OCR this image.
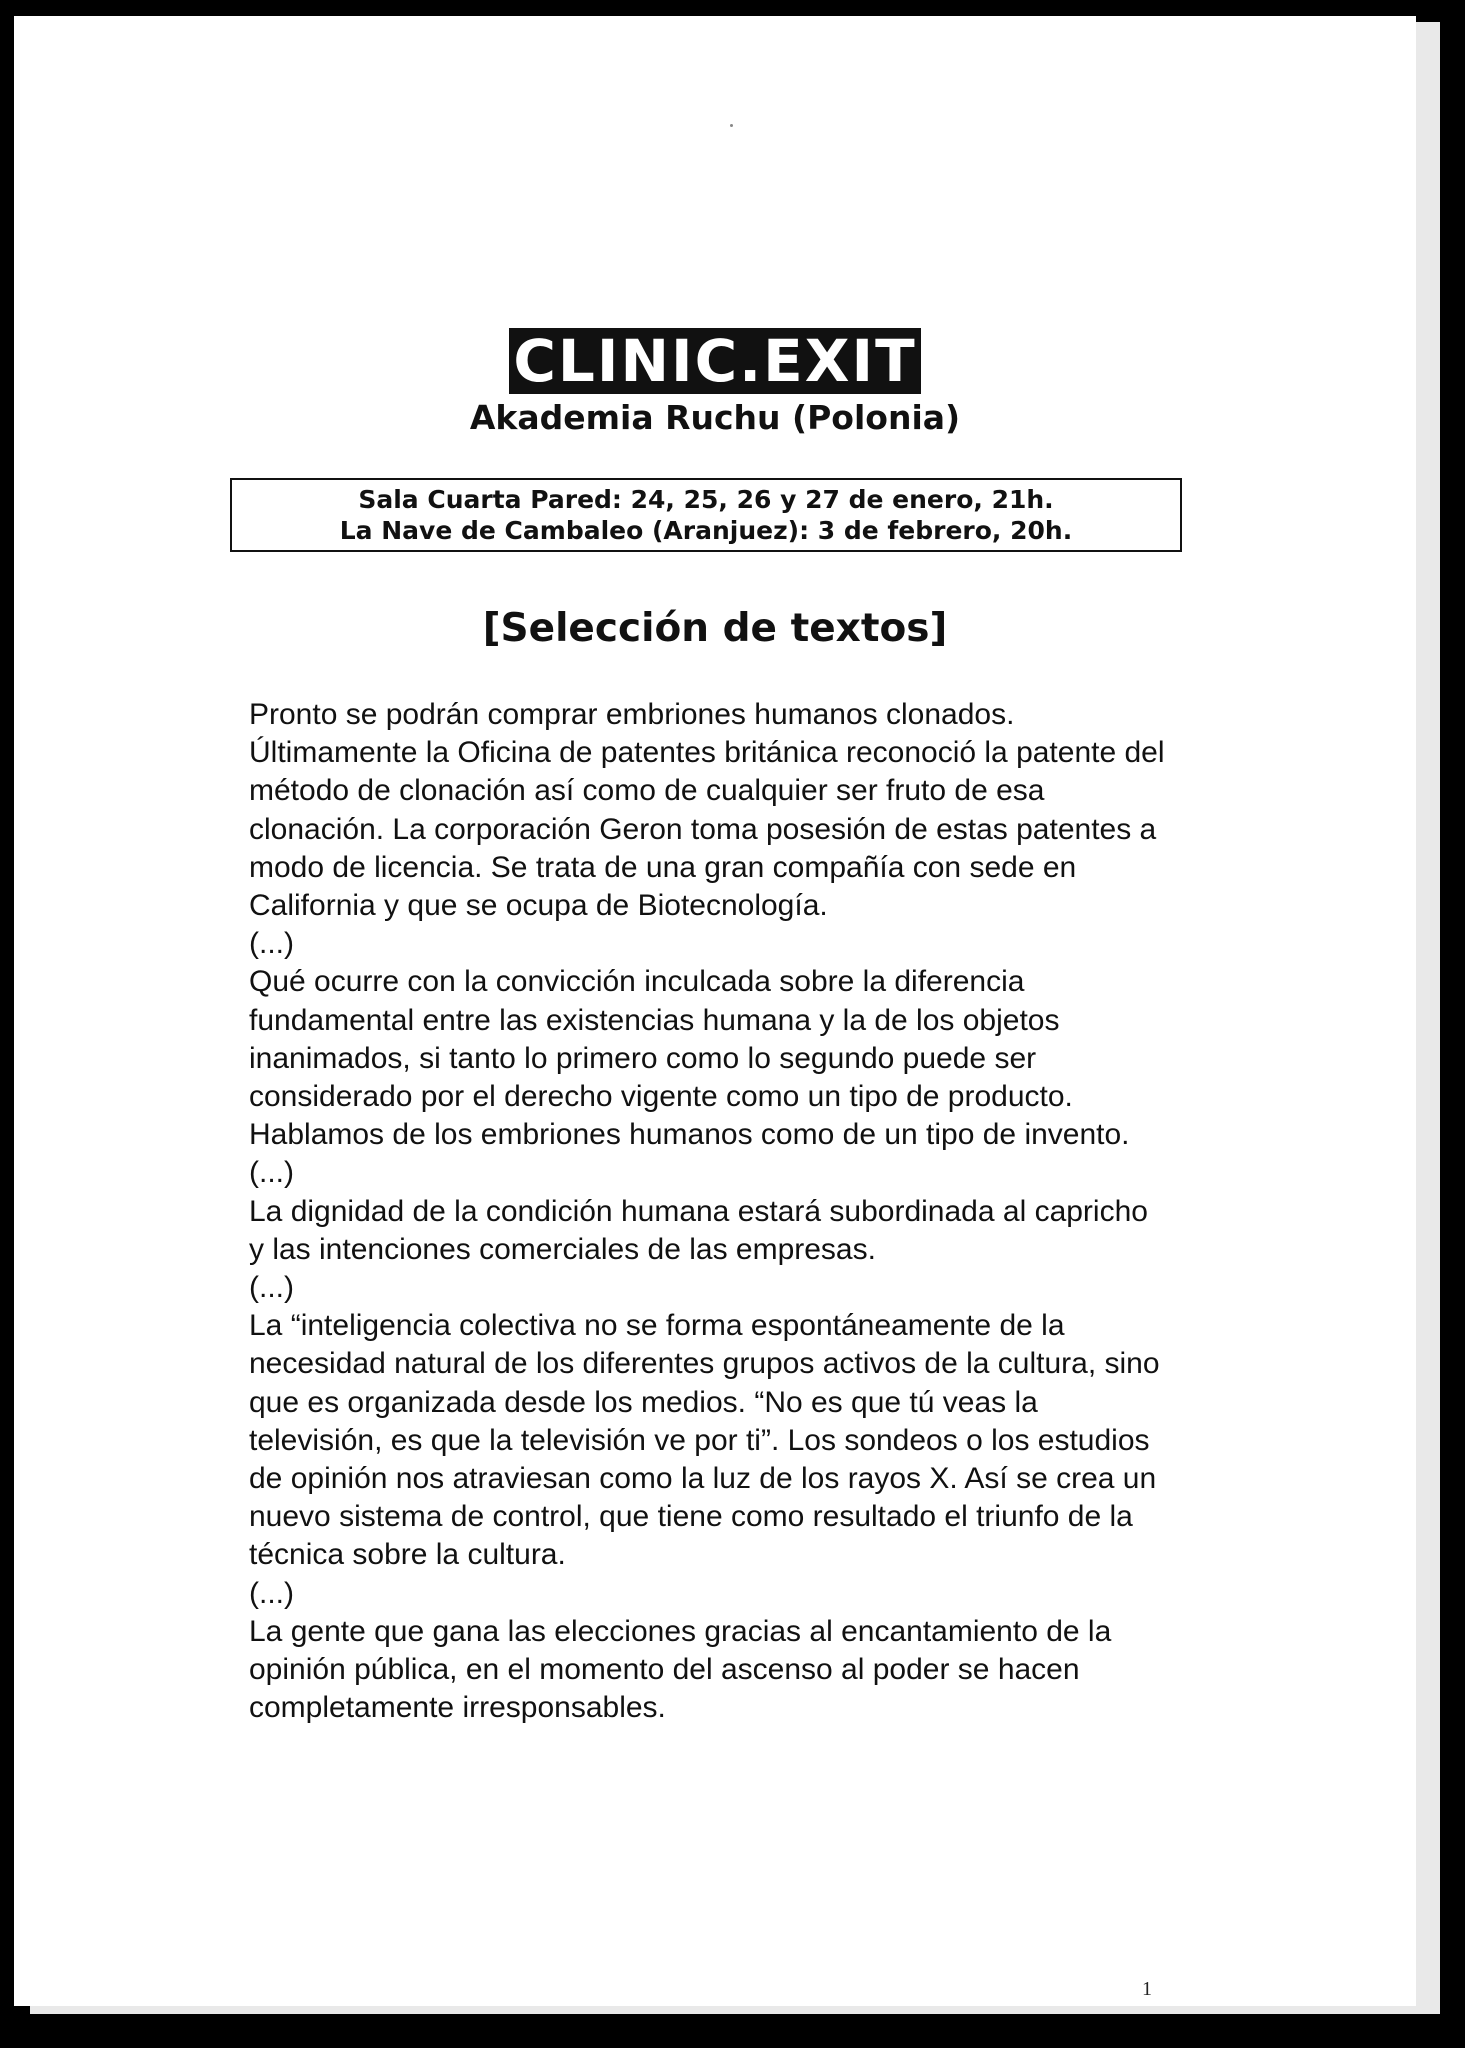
CLINIC.EXIT
Akademia Ruchu (Polonia)
Sala Cuarta Pared: 24, 25, 26 y 27 de enero, 21h.
La Nave de Cambaleo (Aranjuez): 3 de febrero, 20h.
[Selección de textos]

Pronto se podrán comprar embriones humanos clonados. Últimamente la Oficina de patentes británica reconoció la patente del método de clonación así como de cualquier ser fruto de esa clonación. La corporación Geron toma posesión de estas patentes a modo de licencia. Se trata de una gran compañía con sede en California y que se ocupa de Biotecnología.

(...)

Qué ocurre con la convicción inculcada sobre la diferencia fundamental entre las existencias humana y la de los objetos inanimados, si tanto lo primero como lo segundo puede ser considerado por el derecho vigente como un tipo de producto. Hablamos de los embriones humanos como de un tipo de invento.

(...)

La dignidad de la condición humana estará subordinada al capricho y las intenciones comerciales de las empresas.

(...)

La “inteligencia colectiva no se forma espontáneamente de la necesidad natural de los diferentes grupos activos de la cultura, sino que es organizada desde los medios. “No es que tú veas la televisión, es que la televisión ve por ti”. Los sondeos o los estudios de opinión nos atraviesan como la luz de los rayos X. Así se crea un nuevo sistema de control, que tiene como resultado el triunfo de la técnica sobre la cultura.

(...)

La gente que gana las elecciones gracias al encantamiento de la opinión pública, en el momento del ascenso al poder se hacen completamente irresponsables.

1
